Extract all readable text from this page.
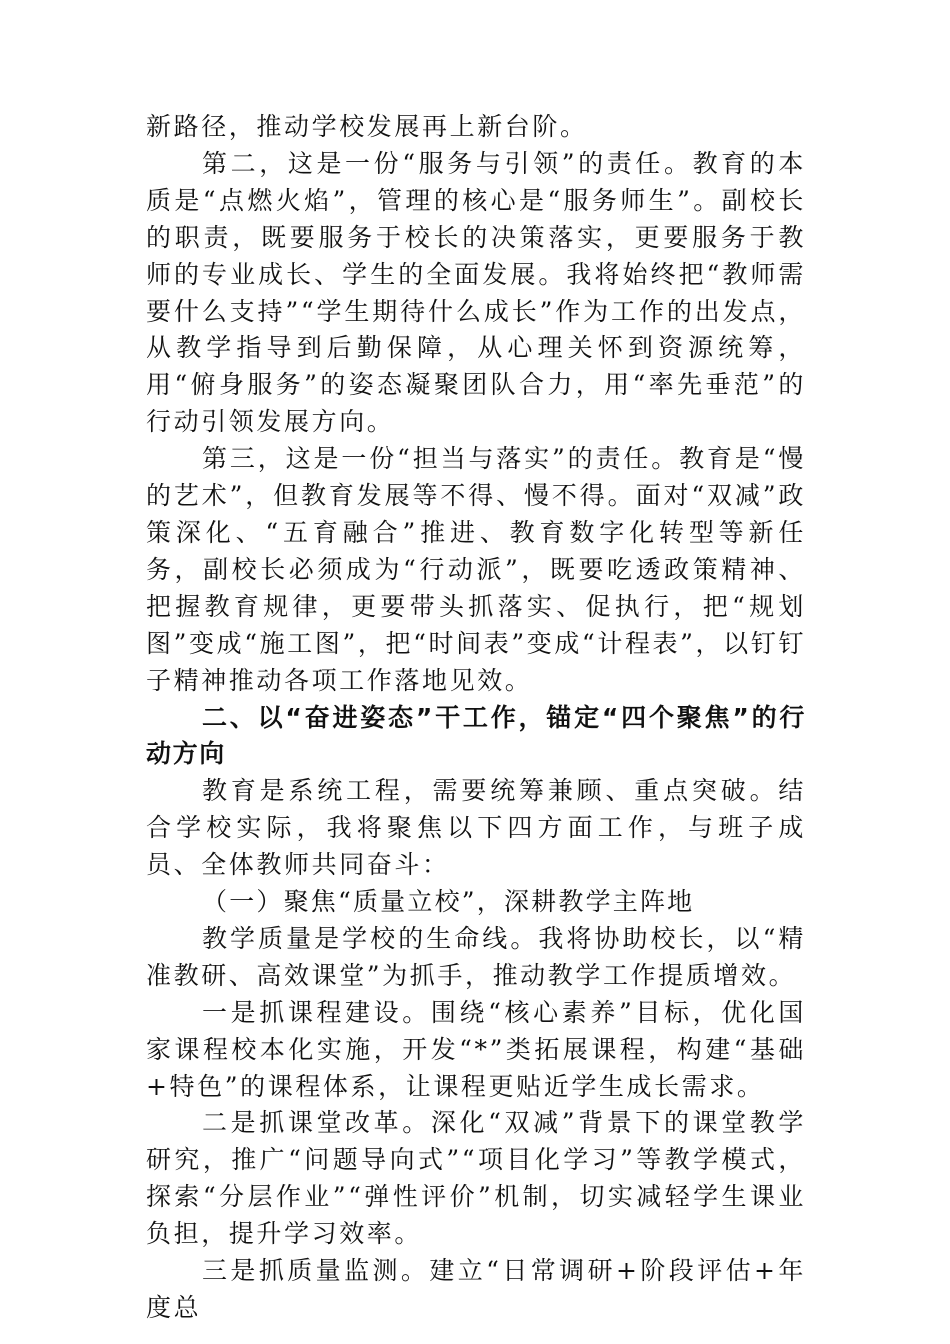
新路径，推动学校发展再上新台阶。

第二，这是一份“服务与引领”的责任。教育的本质是“点燃火焰”，管理的核心是“服务师生”。副校长的职责，既要服务于校长的决策落实，更要服务于教师的专业成长、学生的全面发展。我将始终把“教师需要什么支持”“学生期待什么成长”作为工作的出发点，从教学指导到后勤保障，从心理关怀到资源统筹，用“俯身服务”的姿态凝聚团队合力，用“率先垂范”的行动引领发展方向。

第三，这是一份“担当与落实”的责任。教育是“慢的艺术”，但教育发展等不得、慢不得。面对“双减”政策深化、“五育融合”推进、教育数字化转型等新任务，副校长必须成为“行动派”，既要吃透政策精神、把握教育规律，更要带头抓落实、促执行，把“规划图”变成“施工图”，把“时间表”变成“计程表”，以钉钉子精神推动各项工作落地见效。

二、以“奋进姿态”干工作，锚定“四个聚焦”的行动方向

教育是系统工程，需要统筹兼顾、重点突破。结合学校实际，我将聚焦以下四方面工作，与班子成员、全体教师共同奋斗：

（一）聚焦“质量立校”，深耕教学主阵地

教学质量是学校的生命线。我将协助校长，以“精准教研、高效课堂”为抓手，推动教学工作提质增效。

一是抓课程建设。围绕“核心素养”目标，优化国家课程校本化实施，开发“*”类拓展课程，构建“基础+特色”的课程体系，让课程更贴近学生成长需求。

二是抓课堂改革。深化“双减”背景下的课堂教学研究，推广“问题导向式”“项目化学习”等教学模式，探索“分层作业”“弹性评价”机制，切实减轻学生课业负担，提升学习效率。

三是抓质量监测。建立“日常调研+阶段评估+年度总
